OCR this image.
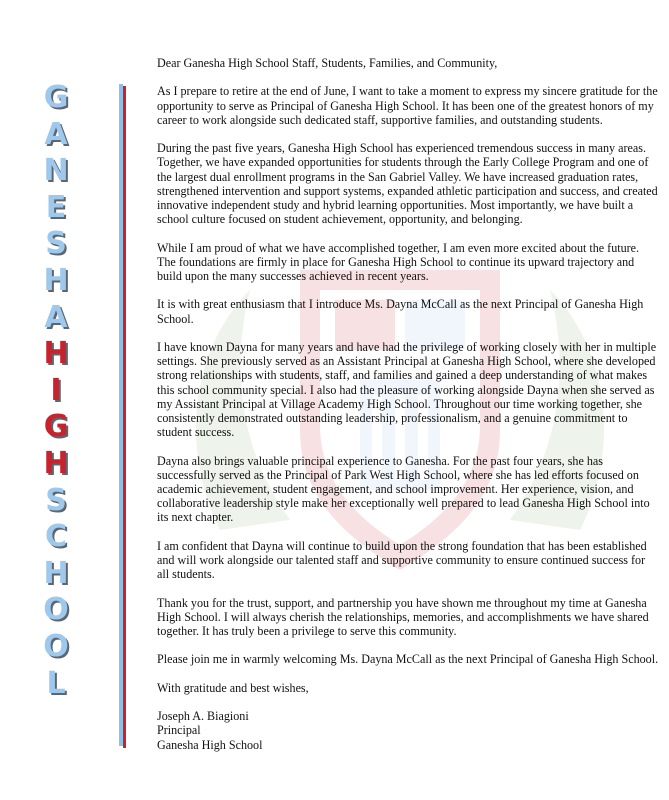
G
A
N
E
S
H
A
H
I
G
H
S
C
H
O
O
L

Dear Ganesha High School Staff, Students, Families, and Community,

As I prepare to retire at the end of June, I want to take a moment to express my sincere gratitude for the opportunity to serve as Principal of Ganesha High School. It has been one of the greatest honors of my career to work alongside such dedicated staff, supportive families, and outstanding students.

During the past five years, Ganesha High School has experienced tremendous success in many areas. Together, we have expanded opportunities for students through the Early College Program and one of the largest dual enrollment programs in the San Gabriel Valley. We have increased graduation rates, strengthened intervention and support systems, expanded athletic participation and success, and created innovative independent study and hybrid learning opportunities. Most importantly, we have built a school culture focused on student achievement, opportunity, and belonging.

While I am proud of what we have accomplished together, I am even more excited about the future. The foundations are firmly in place for Ganesha High School to continue its upward trajectory and build upon the many successes achieved in recent years.

It is with great enthusiasm that I introduce Ms. Dayna McCall as the next Principal of Ganesha High School.

I have known Dayna for many years and have had the privilege of working closely with her in multiple settings. She previously served as an Assistant Principal at Ganesha High School, where she developed strong relationships with students, staff, and families and gained a deep understanding of what makes this school community special. I also had the pleasure of working alongside Dayna when she served as my Assistant Principal at Village Academy High School. Throughout our time working together, she consistently demonstrated outstanding leadership, professionalism, and a genuine commitment to student success.

Dayna also brings valuable principal experience to Ganesha. For the past four years, she has successfully served as the Principal of Park West High School, where she has led efforts focused on academic achievement, student engagement, and school improvement. Her experience, vision, and collaborative leadership style make her exceptionally well prepared to lead Ganesha High School into its next chapter.

I am confident that Dayna will continue to build upon the strong foundation that has been established and will work alongside our talented staff and supportive community to ensure continued success for all students.

Thank you for the trust, support, and partnership you have shown me throughout my time at Ganesha High School. I will always cherish the relationships, memories, and accomplishments we have shared together. It has truly been a privilege to serve this community.

Please join me in warmly welcoming Ms. Dayna McCall as the next Principal of Ganesha High School.

With gratitude and best wishes,

Joseph A. Biagioni
Principal
Ganesha High School
